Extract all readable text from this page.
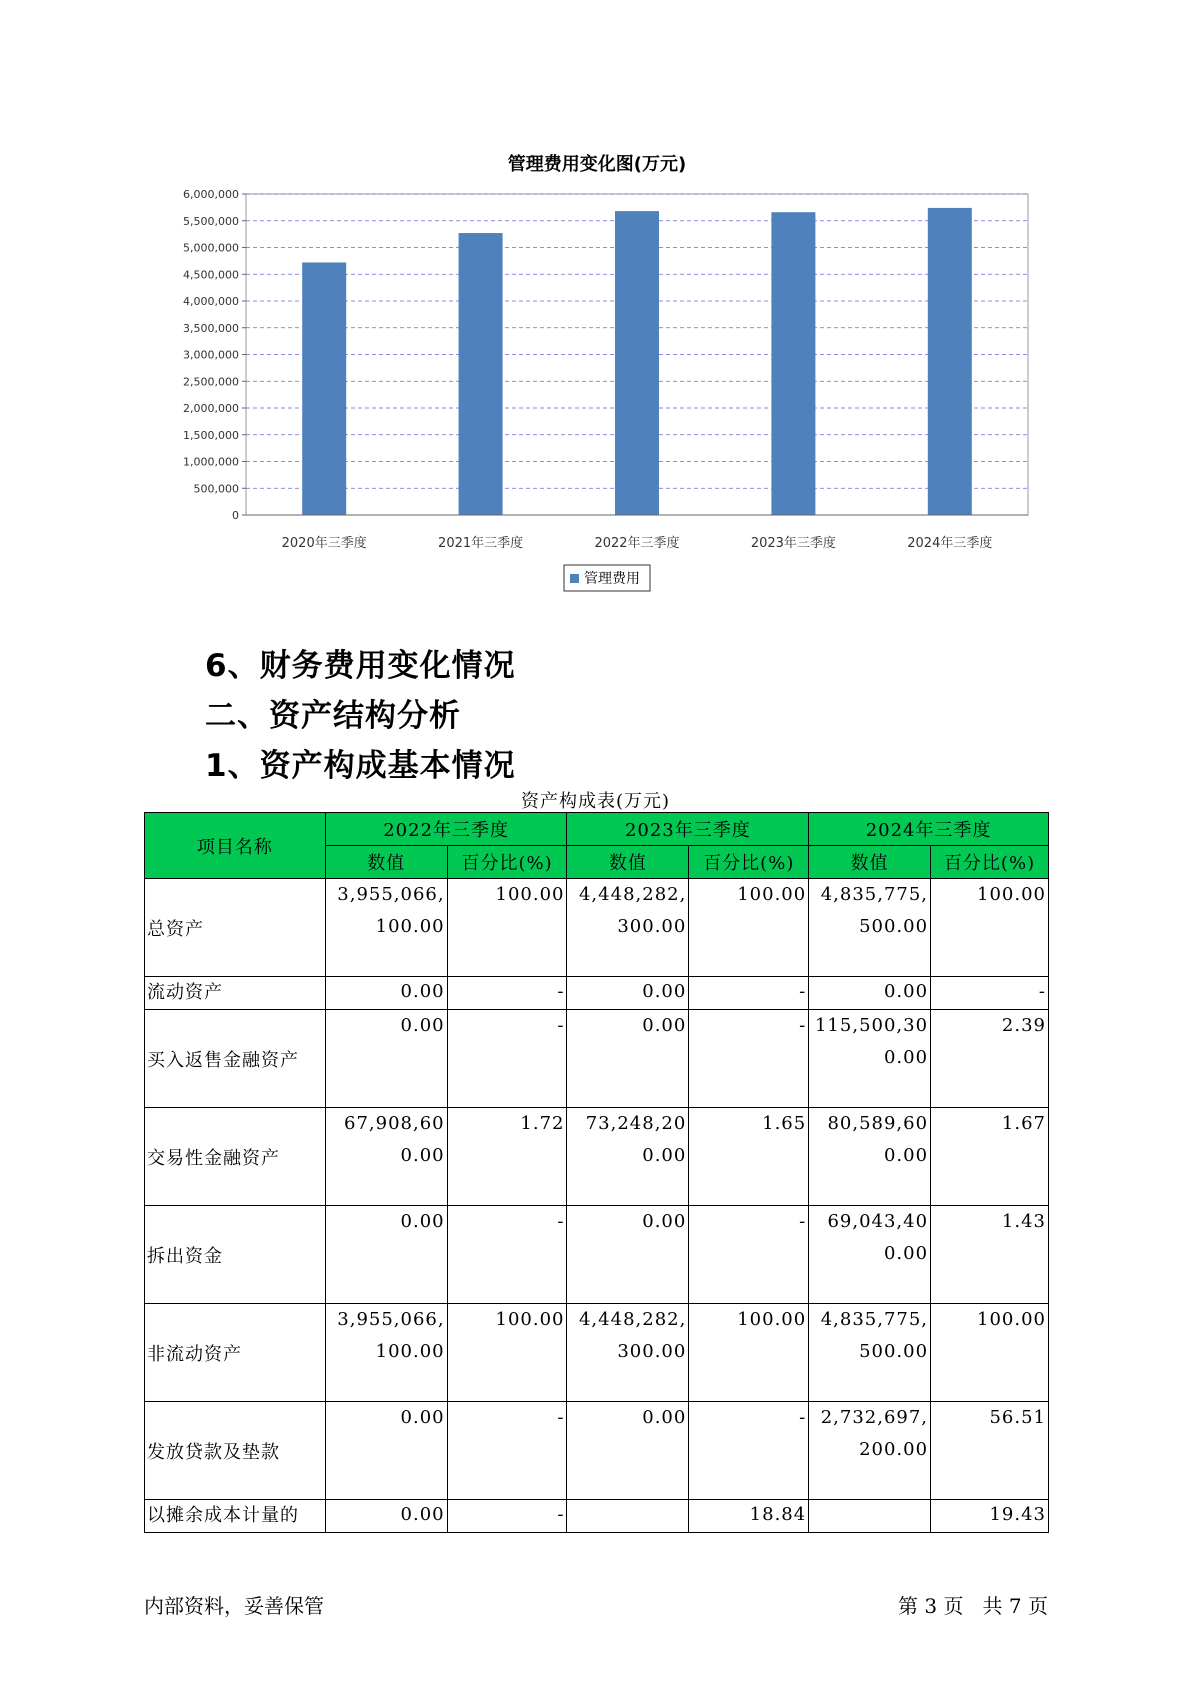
管理费用变化图(万元)
0
500,000
1,000,000
1,500,000
2,000,000
2,500,000
3,000,000
3,500,000
4,000,000
4,500,000
5,000,000
5,500,000
6,000,000
2020年三季度	2021年三季度	2022年三季度	2023年三季度	2024年三季度
管理费用
6、财务费用变化情况
二、资产结构分析
1、资产构成基本情况
资产构成表(万元)
项目名称	2022年三季度		2023年三季度		2024年三季度	
	数值	百分比(%)	数值	百分比(%)	数值	百分比(%)
总资产	3,955,066,100.00	100.00	4,448,282,300.00	100.00	4,835,775,500.00	100.00
流动资产	0.00	-	0.00	-	0.00	-
买入返售金融资产	0.00	-	0.00	-	115,500,300.00	2.39
交易性金融资产	67,908,600.00	1.72	73,248,200.00	1.65	80,589,600.00	1.67
拆出资金	0.00	-	0.00	-	69,043,400.00	1.43
非流动资产	3,955,066,100.00	100.00	4,448,282,300.00	100.00	4,835,775,500.00	100.00
发放贷款及垫款	0.00	-	0.00	-	2,732,697,200.00	56.51
以摊余成本计量的	0.00	-		18.84		19.43
内部资料，妥善保管	第 3 页   共 7 页
